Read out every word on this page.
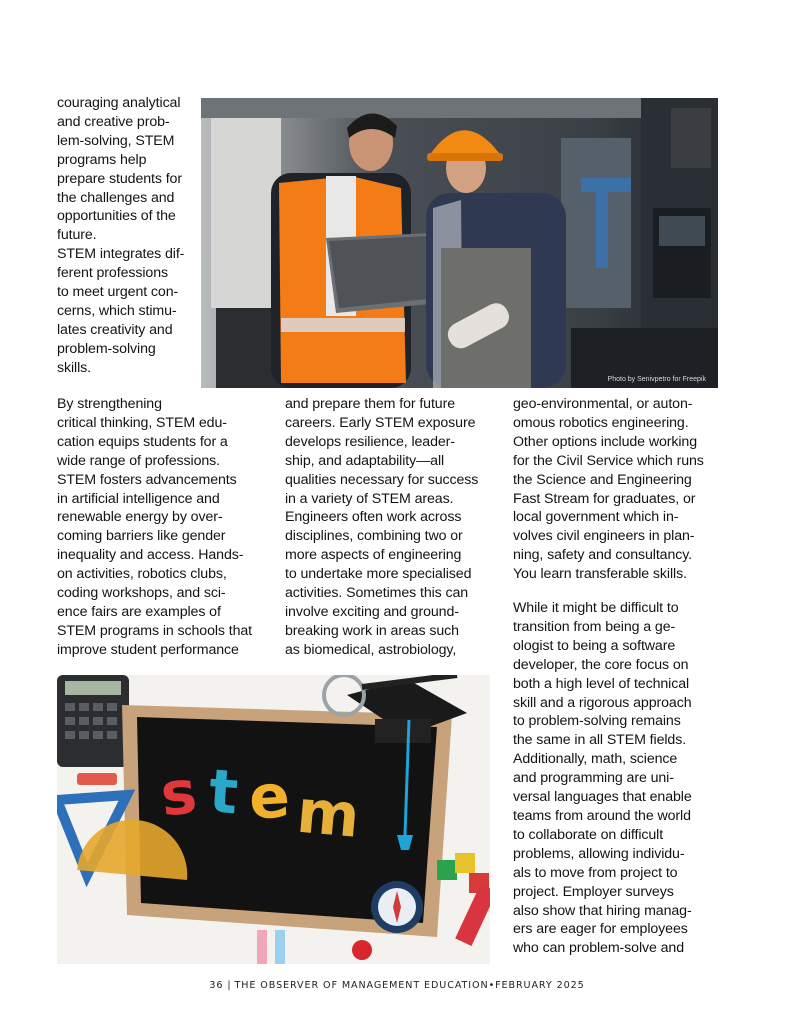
couraging analytical
and creative prob-
lem-solving, STEM
programs help
prepare students for
the challenges and
opportunities of the
future.
STEM integrates dif-
ferent professions
to meet urgent con-
cerns, which stimu-
lates creativity and
problem-solving
skills.

Photo by Senivpetro for Freepik

By strengthening
critical thinking, STEM edu-
cation equips students for a
wide range of professions.
STEM fosters advancements
in artificial intelligence and
renewable energy by over-
coming barriers like gender
inequality and access. Hands-
on activities, robotics clubs,
coding workshops, and sci-
ence fairs are examples of
STEM programs in schools that
improve student performance

and prepare them for future
careers. Early STEM exposure
develops resilience, leader-
ship, and adaptability—all
qualities necessary for success
in a variety of STEM areas.
Engineers often work across
disciplines, combining two or
more aspects of engineering
to undertake more specialised
activities. Sometimes this can
involve exciting and ground-
breaking work in areas such
as biomedical, astrobiology,

geo-environmental, or auton-
omous robotics engineering.
Other options include working
for the Civil Service which runs
the Science and Engineering
Fast Stream for graduates, or
local government which in-
volves civil engineers in plan-
ning, safety and consultancy.
You learn transferable skills.

While it might be difficult to
transition from being a ge-
ologist to being a software
developer, the core focus on
both a high level of technical
skill and a rigorous approach
to problem-solving remains
the same in all STEM fields.
Additionally, math, science
and programming are uni-
versal languages that enable
teams from around the world
to collaborate on difficult
problems, allowing individu-
als to move from project to
project. Employer surveys
also show that hiring manag-
ers are eager for employees
who can problem-solve and

s t e m
36 | THE OBSERVER OF MANAGEMENT EDUCATION•FEBRUARY 2025
